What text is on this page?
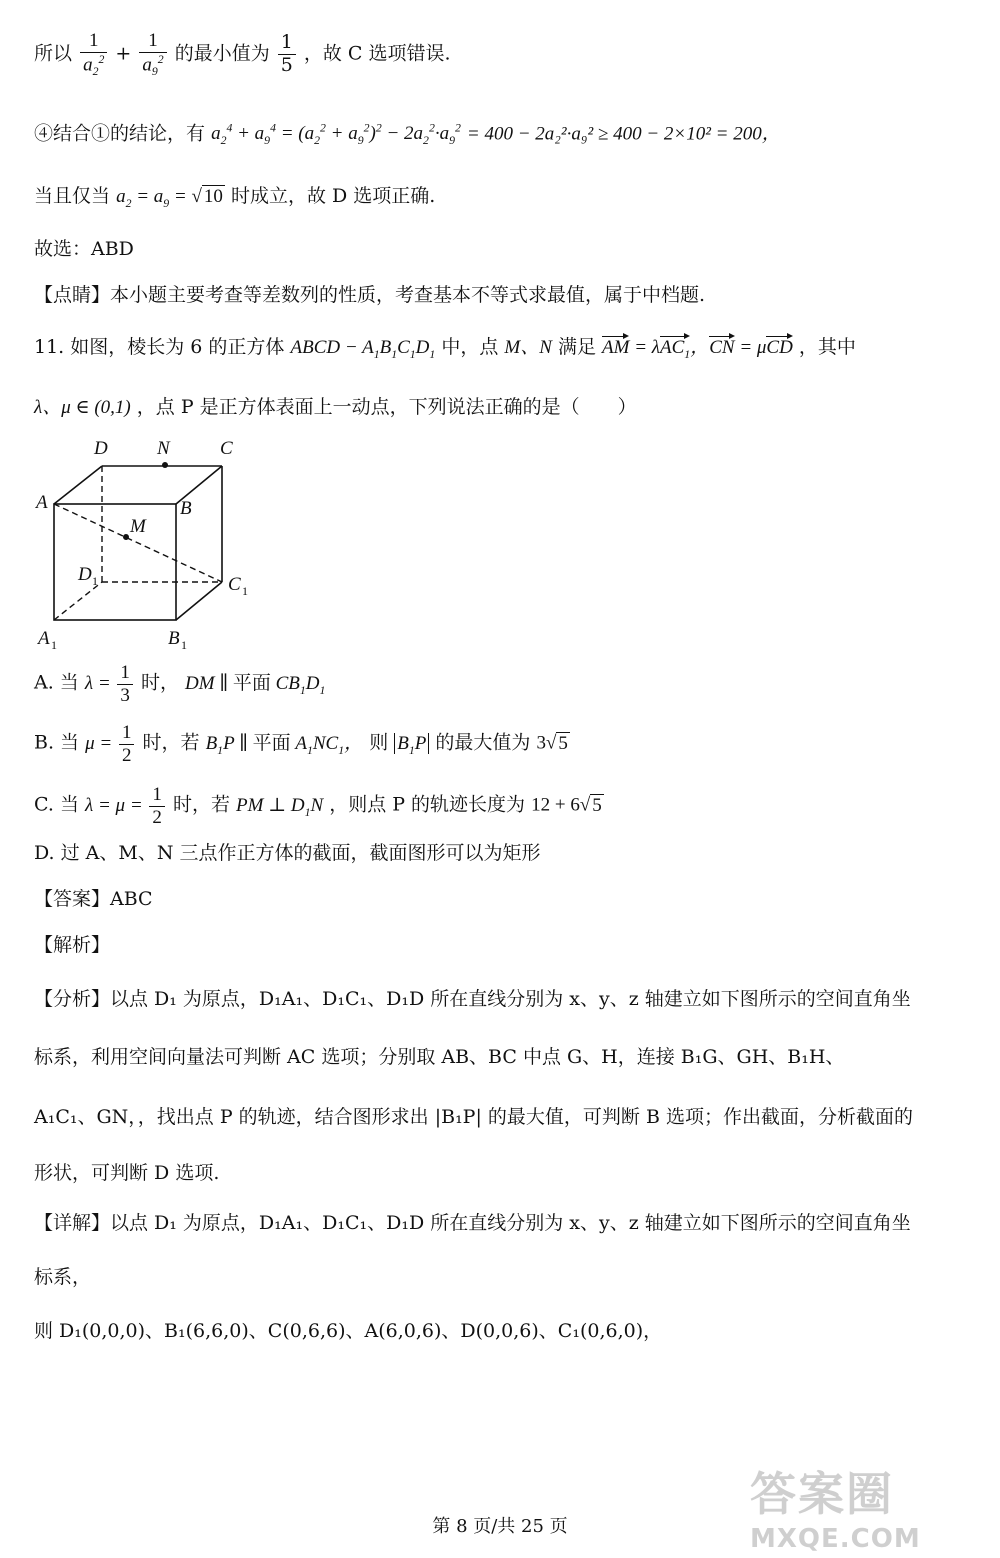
所以 $\frac{1}{a_2^2} + \frac{1}{a_9^2}$ 的最小值为 $\frac{1}{5}$ ，故 C 选项错误.
④结合①的结论，有 $a_2^4 + a_9^4 = (a_2^2 + a_9^2)^2 - 2a_2^2\cdot a_9^2 = 400 - 2a_2^2\cdot a_9^2 \ge 400 - 2\times 10^2 = 200$，
当且仅当 $a_2 = a_9$ = √ 10 时成立，故 D 选项正确.
故选：ABD
【点睛】本小题主要考查等差数列的性质，考查基本不等式求最值，属于中档题.
11. 如图，棱长为 6 的正方体 ABCD − $A_1B_1C_1D_1$ 中，点 M、N 满足 AM = λAC$_1$，CN = μCD ，其中
λ、μ ∈ (0,1) ，点 P 是正方体表面上一动点，下列说法正确的是（　　）
D	N	C
A	B
M
D 1	C 1
A 1	B 1
A. 当 $\lambda = \frac{1}{3}$ 时， DM ∥ 平面 $CB_1D_1$
B. 当 $\mu = \frac{1}{2}$ 时，若 $B_1P$ ∥ 平面 $A_1NC_1$， 则 $B_1P$ 的最大值为 3√ 5
C. 当 $\lambda = \mu = \frac{1}{2}$ 时，若 PM ⊥ $D_1N$ ，则点 P 的轨迹长度为 12 + 6√ 5
D. 过 A、M、N 三点作正方体的截面，截面图形可以为矩形
【答案】ABC
【解析】
【分析】以点 D₁ 为原点，D₁A₁、D₁C₁、D₁D 所在直线分别为 x、y、z 轴建立如下图所示的空间直角坐
标系，利用空间向量法可判断 AC 选项；分别取 AB、BC 中点 G、H，连接 B₁G、GH、B₁H、
A₁C₁、GN，，找出点 P 的轨迹，结合图形求出 |B₁P| 的最大值，可判断 B 选项；作出截面，分析截面的
形状，可判断 D 选项.
【详解】以点 D₁ 为原点，D₁A₁、D₁C₁、D₁D 所在直线分别为 x、y、z 轴建立如下图所示的空间直角坐
标系，
则 D₁(0,0,0)、B₁(6,6,0)、C(0,6,6)、A(6,0,6)、D(0,0,6)、C₁(0,6,0)，
第 8 页/共 25 页
答案圈
MXQE.COM
